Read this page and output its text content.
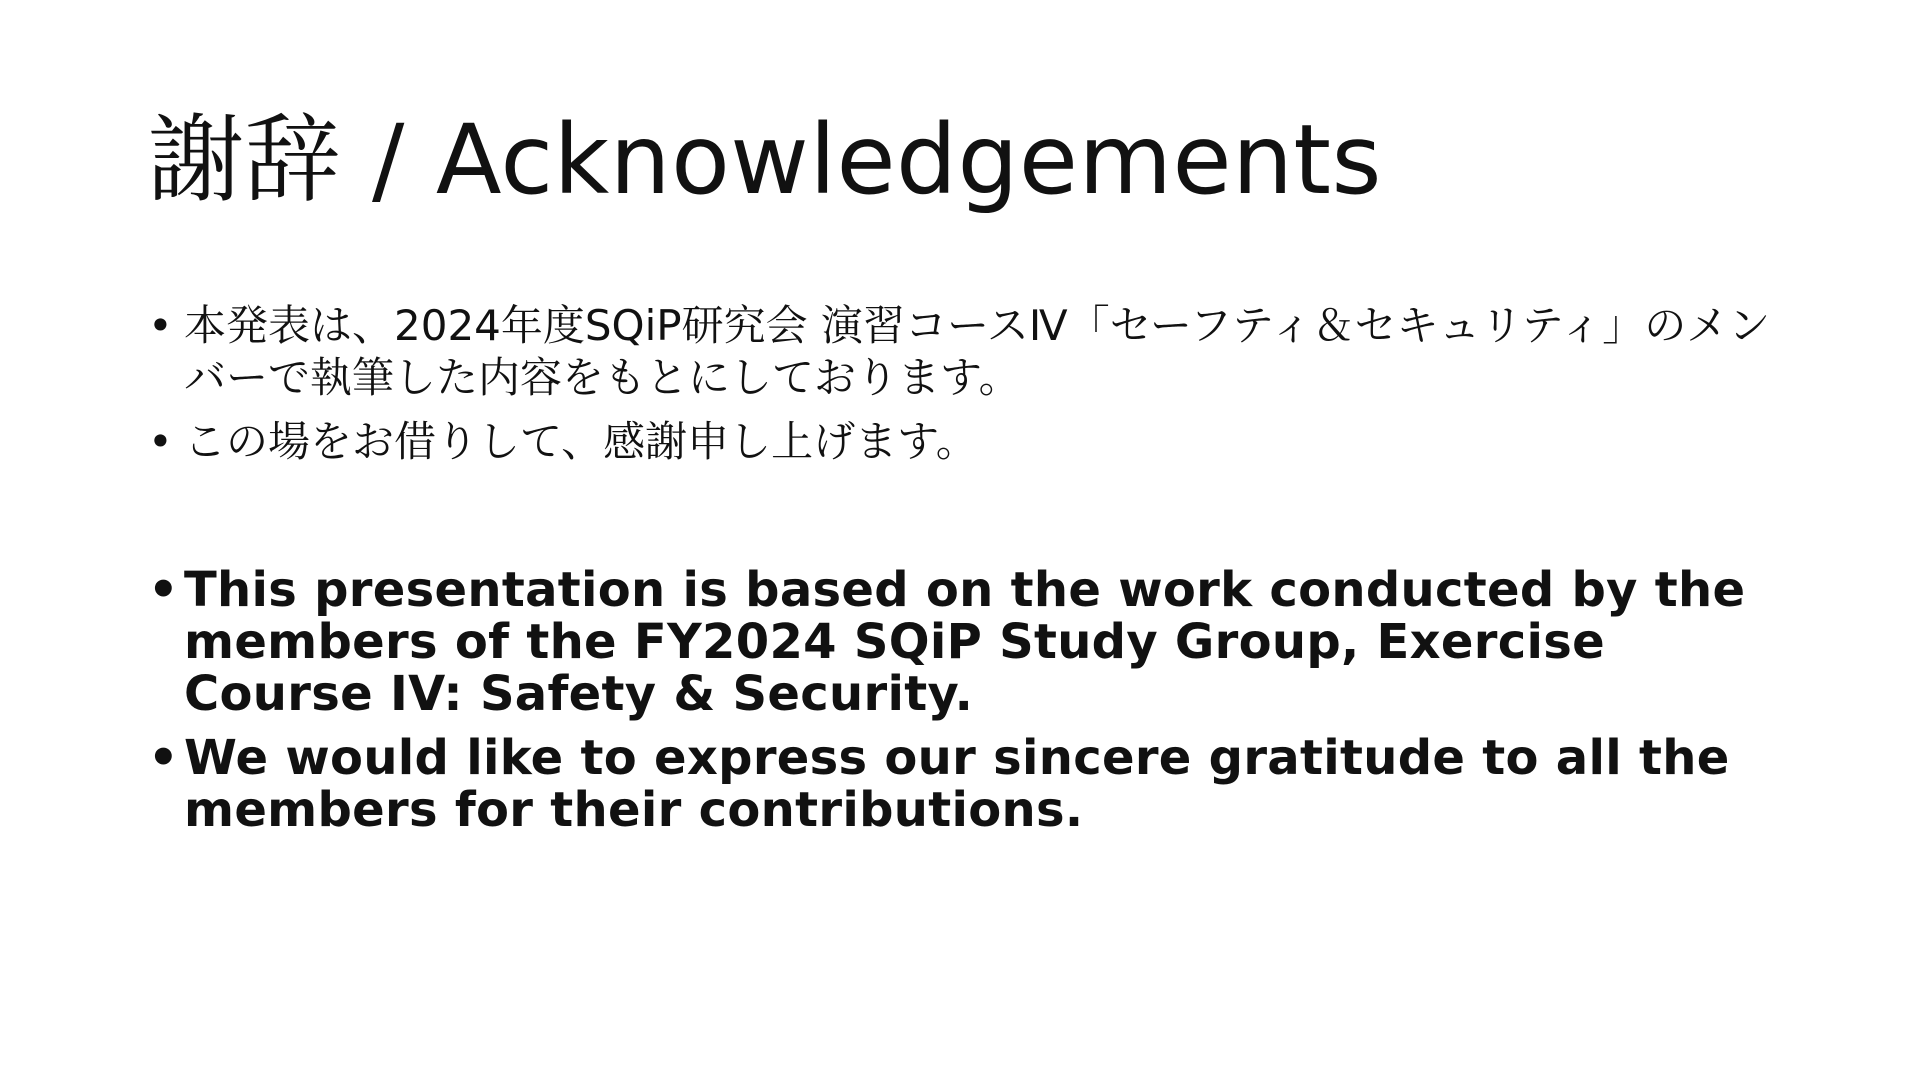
謝辞 / Acknowledgements
• 本発表は、2024年度SQiP研究会 演習コースⅣ「セーフティ＆セキュリティ」のメンバーで執筆した内容をもとにしております。
• この場をお借りして、感謝申し上げます。
• This presentation is based on the work conducted by the members of the FY2024 SQiP Study Group, Exercise Course IV: Safety & Security.
• We would like to express our sincere gratitude to all the members for their contributions.
